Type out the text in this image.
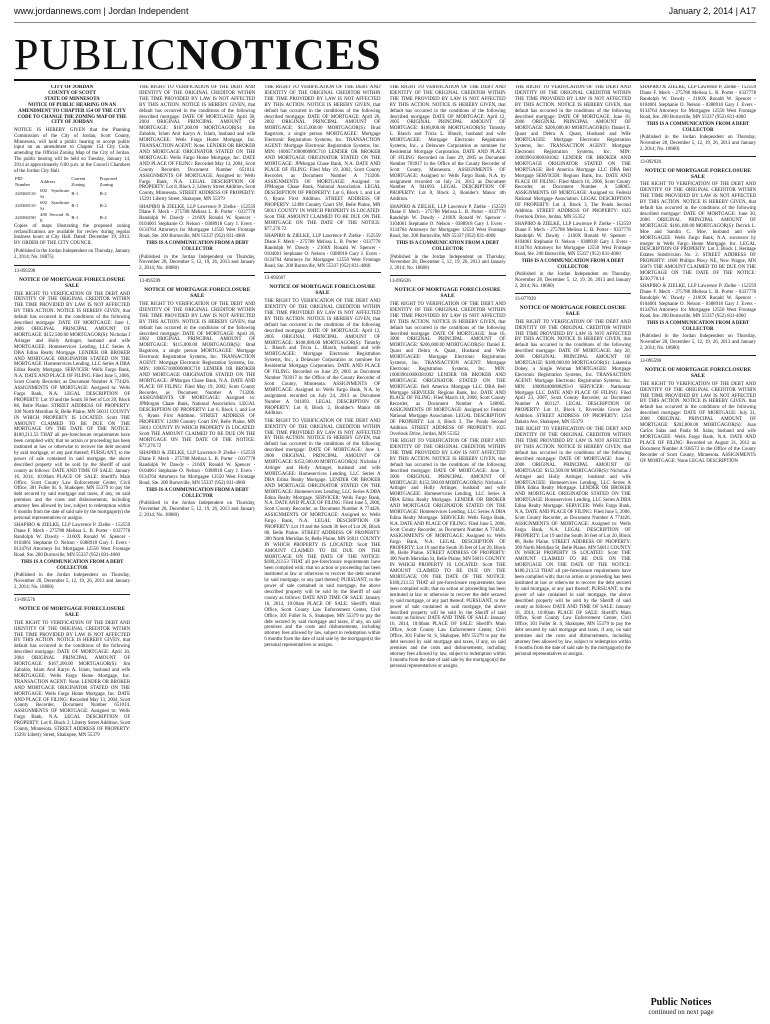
www.jordannews.com | Jordan Independent	January 2, 2014 | A17
PUBLICNOTICES
CITY OF JORDAN
COUNTY OF SCOTT
STATE OF MINNESOTA

NOTICE OF PUBLIC HEARING ON AN AMENDMENT TO CHAPTER 154 OF THE CITY CODE TO CHANGE THE ZONING MAP OF THE CITY OF JORDAN

NOTICE IS HEREBY GIVEN that the Planning Commission of the City of Jordan, Scott County, Minnesota, will hold a public hearing to accept public input on an amendment to Chapter 154 City Code, amending the Official Zoning Map of the City of Jordan. The public hearing will be held on Tuesday, January 14, 2014 at approximately 6:00 p.m. in the Council Chambers of the Jordan City Hall.

PID Number	Address	Current Zoning	Proposed Zoning
220360110	602 Syndicate St	R-1	R-2
220360110	602 Syndicate St	R-1	R-2
220360190	400 Second St E	R-1	R-2

Copies of maps illustrating the proposed zoning reclassifications are available for review during regular business hours at City Hall. Dated: December 19, 2013. BY ORDER OF THE CITY COUNCIL

(Published in the Jordan Independent on Thursday, January 2, 2014; No. 18875)

13-095598

NOTICE OF MORTGAGE FORECLOSURE SALE

THE RIGHT TO VERIFICATION OF THE DEBT AND IDENTITY OF THE ORIGINAL CREDITOR WITHIN THE TIME PROVIDED BY LAW IS NOT AFFECTED BY THIS ACTION. NOTICE IS HEREBY GIVEN, that default has occurred in the conditions of the following described mortgage: DATE OF MORTGAGE: June 1, 2006 ORIGINAL PRINCIPAL AMOUNT OF MORTGAGE: $152,500.00 MORTGAGOR(S): Nicholas J Artinger and Holly Artinger, husband and wife MORTGAGEE: Homeservices Lending, LLC Series A DBA Edina Realty Mortgage. LENDER OR BROKER AND MORTGAGE ORIGINATOR STATED ON THE MORTGAGE: Homeservices Lending, LLC Series A DBA Edina Realty Mortgage. SERVICER: Wells Fargo Bank, N.A. DATE AND PLACE OF FILING: Filed June 5, 2006, Scott County Recorder, as Document Number A 774426. ASSIGNMENTS OF MORTGAGE: Assigned to: Wells Fargo Bank, N.A. LEGAL DESCRIPTION OF PROPERTY: Lot 19 and the South 36 feet of Lot 20, Block 88, Belle Plaine. STREET ADDRESS OF PROPERTY: 300 North Meridian St, Belle Plaine, MN 56011 COUNTY IN WHICH PROPERTY IS LOCATED: Scott THE AMOUNT CLAIMED TO BE DUE ON THE MORTGAGE ON THE DATE OF THE NOTICE: $180,213.53 THAT all pre-foreclosure requirements have been complied with; that no action or proceeding has been instituted at law or otherwise to recover the debt secured by said mortgage, or any part thereof; PURSUANT, to the power of sale contained in said mortgage, the above described property will be sold by the Sheriff of said county as follows: DATE AND TIME OF SALE: January 16, 2014, 10:00am PLACE OF SALE: Sheriff's Main Office, Scott County Law Enforcement Center, Civil Office, 301 Fuller St. S, Shakopee, MN 55379 to pay the debt secured by said mortgage and taxes, if any, on said premises and the costs and disbursements, including attorney fees allowed by law, subject to redemption within 6 months from the date of said sale by the mortgagor(s) the personal representatives or assigns.

SHAPIRO & ZIELKE, LLP Lawrence P. Zielke - 152559 Diane F. Mech - 275788 Melissa L. B. Porter - 0337778 Randolph W. Dawdy - 2160X Ronald W. Spencer - 0104061 Stephanie O. Nelson - 0388918 Gary J. Evers - 0134764 Attorneys for Mortgagee 12550 West Frontage Road, Ste. 200 Burnsville, MN 55337 (952) 831-4060

THIS IS A COMMUNICATION FROM A DEBT COLLECTOR

(Published in the Jordan Independent on Thursday, November 28, December 5, 12, 19, 26, 2013 and January 2, 2014; No. 18680)

13-095576

NOTICE OF MORTGAGE FORECLOSURE SALE

THE RIGHT TO VERIFICATION OF THE DEBT AND IDENTITY OF THE ORIGINAL CREDITOR WITHIN THE TIME PROVIDED BY LAW IS NOT AFFECTED BY THIS ACTION. NOTICE IS HEREBY GIVEN, that default has occurred in the conditions of the following described mortgage: DATE OF MORTGAGE: April 30, 2004 ORIGINAL PRINCIPAL AMOUNT OF MORTGAGE: $167,200.00 MORTGAGOR(S): Jim Zabaldo, Islam And Karyn A. Islam, husband and wife MORTGAGEE: Wells Fargo Home Mortgage, Inc. TRANSACTION AGENT: None. LENDER OR BROKER AND MORTGAGE ORIGINATOR STATED ON THE MORTGAGE: Wells Fargo Home Mortgage, Inc. DATE AND PLACE OF FILING: Recorded May 13, 2004, Scott County Recorder, Document Number 651014. ASSIGNMENTS OF MORTGAGE: Assigned to: Wells Fargo Bank, N.A. LEGAL DESCRIPTION OF PROPERTY: Lot 8, Block 2, Liberty Street Addition, Scott County, Minnesota. STREET ADDRESS OF PROPERTY: 15291 Liberty Street, Shakopee, MN 55379

THE RIGHT TO VERIFICATION OF THE DEBT AND IDENTITY OF THE ORIGINAL CREDITOR WITHIN THE TIME PROVIDED BY LAW IS NOT AFFECTED BY THIS ACTION. NOTICE IS HEREBY GIVEN, that default has occurred in the conditions of the following described mortgage: DATE OF MORTGAGE: April 30, 2004 ORIGINAL PRINCIPAL AMOUNT OF MORTGAGE: $167,200.00 MORTGAGOR(S): Jim Zabaldo, Islam And Karyn A. Islam, husband and wife MORTGAGEE: Wells Fargo Home Mortgage, Inc. TRANSACTION AGENT: None. LENDER OR BROKER AND MORTGAGE ORIGINATOR STATED ON THE MORTGAGE: Wells Fargo Home Mortgage, Inc. DATE AND PLACE OF FILING: Recorded May 13, 2004, Scott County Recorder, Document Number 651014. ASSIGNMENTS OF MORTGAGE: Assigned to: Wells Fargo Bank, N.A. LEGAL DESCRIPTION OF PROPERTY: Lot 8, Block 2, Liberty Street Addition, Scott County, Minnesota. STREET ADDRESS OF PROPERTY: 15291 Liberty Street, Shakopee, MN 55379

SHAPIRO & ZIELKE, LLP Lawrence P. Zielke - 152559 Diane F. Mech - 275788 Melissa L. B. Porter - 0337778 Randolph W. Dawdy - 2160X Ronald W. Spencer - 0104061 Stephanie O. Nelson - 0388918 Gary J. Evers - 0134764 Attorneys for Mortgagee 12550 West Frontage Road, Ste. 200 Burnsville, MN 55337 (952) 831-4060

THIS IS A COMMUNICATION FROM A DEBT COLLECTOR

(Published in the Jordan Independent on Thursday, November 28, December 5, 12, 19, 26, 2013 and January 2, 2014; No. 18680)

13-095599

NOTICE OF MORTGAGE FORECLOSURE SALE

THE RIGHT TO VERIFICATION OF THE DEBT AND IDENTITY OF THE ORIGINAL CREDITOR WITHIN THE TIME PROVIDED BY LAW IS NOT AFFECTED BY THIS ACTION. NOTICE IS HEREBY GIVEN, that default has occurred in the conditions of the following described mortgage: DATE OF MORTGAGE: April 26, 2002 ORIGINAL PRINCIPAL AMOUNT OF MORTGAGE: $115,000.00 MORTGAGOR(S): Brad Bagstrom, a single person MORTGAGEE: Mortgage Electronic Registration Systems, Inc. TRANSACTION AGENT: Mortgage Electronic Registration Systems, Inc. MIN: 100057100000080C710 LENDER OR BROKER AND MORTGAGE ORIGINATOR STATED ON THE MORTGAGE: JPMorgan Chase Bank, N.A. DATE AND PLACE OF FILING: Filed May 19, 2002, Scott County Recorder, as Document Number A 713206. ASSIGNMENTS OF MORTGAGE: Assigned to: JPMorgan Chase Bank, National Association. LEGAL DESCRIPTION OF PROPERTY: Lot 6, Block 1, and Lot 6, Ryans First Addition. STREET ADDRESS OF PROPERTY: 12498 Country Court SW, Belle Plaine, MN 56011 COUNTY IN WHICH PROPERTY IS LOCATED: Scott THE AMOUNT CLAIMED TO BE DUE ON THE MORTGAGE ON THE DATE OF THE NOTICE: $77,276.72

SHAPIRO & ZIELKE, LLP Lawrence P. Zielke - 152559 Diane F. Mech - 275788 Melissa L. B. Porter - 0337778 Randolph W. Dawdy - 2160X Ronald W. Spencer - 0104061 Stephanie O. Nelson - 0388918 Gary J. Evers - 0134764 Attorneys for Mortgagee 12550 West Frontage Road, Ste. 200 Burnsville, MN 55337 (952) 831-4060

THIS IS A COMMUNICATION FROM A DEBT COLLECTOR

(Published in the Jordan Independent on Thursday, November 28, December 5, 12, 19, 26, 2013 and January 2, 2014; No. 18680)

THE RIGHT TO VERIFICATION OF THE DEBT AND IDENTITY OF THE ORIGINAL CREDITOR WITHIN THE TIME PROVIDED BY LAW IS NOT AFFECTED BY THIS ACTION. NOTICE IS HEREBY GIVEN, that default has occurred in the conditions of the following described mortgage: DATE OF MORTGAGE: April 26, 2002 ORIGINAL PRINCIPAL AMOUNT OF MORTGAGE: $115,000.00 MORTGAGOR(S): Brad Bagstrom, a single person MORTGAGEE: Mortgage Electronic Registration Systems, Inc. TRANSACTION AGENT: Mortgage Electronic Registration Systems, Inc. MIN: 100057100000080C710 LENDER OR BROKER AND MORTGAGE ORIGINATOR STATED ON THE MORTGAGE: JPMorgan Chase Bank, N.A. DATE AND PLACE OF FILING: Filed May 19, 2002, Scott County Recorder, as Document Number A 713206. ASSIGNMENTS OF MORTGAGE: Assigned to: JPMorgan Chase Bank, National Association. LEGAL DESCRIPTION OF PROPERTY: Lot 6, Block 1, and Lot 6, Ryans First Addition. STREET ADDRESS OF PROPERTY: 12498 Country Court SW, Belle Plaine, MN 56011 COUNTY IN WHICH PROPERTY IS LOCATED: Scott THE AMOUNT CLAIMED TO BE DUE ON THE MORTGAGE ON THE DATE OF THE NOTICE: $77,276.72

SHAPIRO & ZIELKE, LLP Lawrence P. Zielke - 152559 Diane F. Mech - 275788 Melissa L. B. Porter - 0337778 Randolph W. Dawdy - 2160X Ronald W. Spencer - 0104061 Stephanie O. Nelson - 0388918 Gary J. Evers - 0134764 Attorneys for Mortgagee 12550 West Frontage Road, Ste. 200 Burnsville, MN 55337 (952) 831-4060

13-095607

NOTICE OF MORTGAGE FORECLOSURE SALE

THE RIGHT TO VERIFICATION OF THE DEBT AND IDENTITY OF THE ORIGINAL CREDITOR WITHIN THE TIME PROVIDED BY LAW IS NOT AFFECTED BY THIS ACTION. NOTICE IS HEREBY GIVEN, that default has occurred in the conditions of the following described mortgage: DATE OF MORTGAGE: April 12, 2005 ORIGINAL PRINCIPAL AMOUNT OF MORTGAGE: $108,000.00 MORTGAGOR(S): Timothy L. Blasch and Tricia L. Blasch, husband and wife MORTGAGEE: Mortgage Electronic Registration Systems, Inc., a Delaware Corporation as nominee for Residential Mortgage Corporation. DATE AND PLACE OF FILING: Recorded on June 29, 2005 as Document Number 703917 in the Office of the County Recorder of Scott County, Minnesota. ASSIGNMENTS OF MORTGAGE: Assigned to: Wells Fargo Bank, N.A. by assignment recorded on July 24, 2013 as Document Number A 941093. LEGAL DESCRIPTION OF PROPERTY: Lot 8, Block 2, Boulder's Manor 4th Addition.

THE RIGHT TO VERIFICATION OF THE DEBT AND IDENTITY OF THE ORIGINAL CREDITOR WITHIN THE TIME PROVIDED BY LAW IS NOT AFFECTED BY THIS ACTION. NOTICE IS HEREBY GIVEN, that default has occurred in the conditions of the following described mortgage: DATE OF MORTGAGE: June 1, 2006 ORIGINAL PRINCIPAL AMOUNT OF MORTGAGE: $152,500.00 MORTGAGOR(S): Nicholas J Artinger and Holly Artinger, husband and wife MORTGAGEE: Homeservices Lending, LLC Series A DBA Edina Realty Mortgage. LENDER OR BROKER AND MORTGAGE ORIGINATOR STATED ON THE MORTGAGE: Homeservices Lending, LLC Series A DBA Edina Realty Mortgage. SERVICER: Wells Fargo Bank, N.A. DATE AND PLACE OF FILING: Filed June 5, 2006, Scott County Recorder, as Document Number A 774426. ASSIGNMENTS OF MORTGAGE: Assigned to: Wells Fargo Bank, N.A. LEGAL DESCRIPTION OF PROPERTY: Lot 19 and the South 36 feet of Lot 20, Block 88, Belle Plaine. STREET ADDRESS OF PROPERTY: 300 North Meridian St, Belle Plaine, MN 56011 COUNTY IN WHICH PROPERTY IS LOCATED: Scott THE AMOUNT CLAIMED TO BE DUE ON THE MORTGAGE ON THE DATE OF THE NOTICE: $180,213.53 THAT all pre-foreclosure requirements have been complied with; that no action or proceeding has been instituted at law or otherwise to recover the debt secured by said mortgage, or any part thereof; PURSUANT, to the power of sale contained in said mortgage, the above described property will be sold by the Sheriff of said county as follows: DATE AND TIME OF SALE: January 16, 2014, 10:00am PLACE OF SALE: Sheriff's Main Office, Scott County Law Enforcement Center, Civil Office, 301 Fuller St. S, Shakopee, MN 55379 to pay the debt secured by said mortgage and taxes, if any, on said premises and the costs and disbursements, including attorney fees allowed by law, subject to redemption within 6 months from the date of said sale by the mortgagor(s) the personal representatives or assigns.

THE RIGHT TO VERIFICATION OF THE DEBT AND IDENTITY OF THE ORIGINAL CREDITOR WITHIN THE TIME PROVIDED BY LAW IS NOT AFFECTED BY THIS ACTION. NOTICE IS HEREBY GIVEN, that default has occurred in the conditions of the following described mortgage: DATE OF MORTGAGE: April 12, 2005 ORIGINAL PRINCIPAL AMOUNT OF MORTGAGE: $108,000.00 MORTGAGOR(S): Timothy L. Blasch and Tricia L. Blasch, husband and wife MORTGAGEE: Mortgage Electronic Registration Systems, Inc., a Delaware Corporation as nominee for Residential Mortgage Corporation. DATE AND PLACE OF FILING: Recorded on June 29, 2005 as Document Number 703917 in the Office of the County Recorder of Scott County, Minnesota. ASSIGNMENTS OF MORTGAGE: Assigned to: Wells Fargo Bank, N.A. by assignment recorded on July 24, 2013 as Document Number A 941093. LEGAL DESCRIPTION OF PROPERTY: Lot 8, Block 2, Boulder's Manor 4th Addition.

SHAPIRO & ZIELKE, LLP Lawrence P. Zielke - 152559 Diane F. Mech - 275788 Melissa L. B. Porter - 0337778 Randolph W. Dawdy - 2160X Ronald W. Spencer - 0104061 Stephanie O. Nelson - 0388918 Gary J. Evers - 0134764 Attorneys for Mortgagee 12550 West Frontage Road, Ste. 200 Burnsville, MN 55337 (952) 831-4060

THIS IS A COMMUNICATION FROM A DEBT COLLECTOR

(Published in the Jordan Independent on Thursday, November 28, December 5, 12, 19, 26, 2013 and January 2, 2014; No. 18680)

13-095626

NOTICE OF MORTGAGE FORECLOSURE SALE

THE RIGHT TO VERIFICATION OF THE DEBT AND IDENTITY OF THE ORIGINAL CREDITOR WITHIN THE TIME PROVIDED BY LAW IS NOT AFFECTED BY THIS ACTION. NOTICE IS HEREBY GIVEN, that default has occurred in the conditions of the following described mortgage: DATE OF MORTGAGE: June 16, 2006 ORIGINAL PRINCIPAL AMOUNT OF MORTGAGE: $206,000.00 MORTGAGOR(S): Daniel E. Quast and Debra A. Quast, Husband and Wife MORTGAGEE: Mortgage Electronic Registration Systems, Inc. TRANSACTION AGENT: Mortgage Electronic Registration Systems, Inc. MIN: 100039610000381002 LENDER OR BROKER AND MORTGAGE ORIGINATOR STATED ON THE MORTGAGE: Bell America Mortgage LLC DBA Bell Mortgage SERVICER: Regions Bank, Inc. DATE AND PLACE OF FILING: Filed March 16, 2006, Scott County Recorder, as Document Number A 548005. ASSIGNMENTS OF MORTGAGE: Assigned to: Federal National Mortgage Association. LEGAL DESCRIPTION OF PROPERTY: Lot 4, Block 3, The Ponds Second Addition. STREET ADDRESS OF PROPERTY: 1025 Overlook Drive, Jordan, MN 55352

THE RIGHT TO VERIFICATION OF THE DEBT AND IDENTITY OF THE ORIGINAL CREDITOR WITHIN THE TIME PROVIDED BY LAW IS NOT AFFECTED BY THIS ACTION. NOTICE IS HEREBY GIVEN, that default has occurred in the conditions of the following described mortgage: DATE OF MORTGAGE: June 1, 2006 ORIGINAL PRINCIPAL AMOUNT OF MORTGAGE: $152,500.00 MORTGAGOR(S): Nicholas J Artinger and Holly Artinger, husband and wife MORTGAGEE: Homeservices Lending, LLC Series A DBA Edina Realty Mortgage. LENDER OR BROKER AND MORTGAGE ORIGINATOR STATED ON THE MORTGAGE: Homeservices Lending, LLC Series A DBA Edina Realty Mortgage. SERVICER: Wells Fargo Bank, N.A. DATE AND PLACE OF FILING: Filed June 5, 2006, Scott County Recorder, as Document Number A 774426. ASSIGNMENTS OF MORTGAGE: Assigned to: Wells Fargo Bank, N.A. LEGAL DESCRIPTION OF PROPERTY: Lot 19 and the South 36 feet of Lot 20, Block 88, Belle Plaine. STREET ADDRESS OF PROPERTY: 300 North Meridian St, Belle Plaine, MN 56011 COUNTY IN WHICH PROPERTY IS LOCATED: Scott THE AMOUNT CLAIMED TO BE DUE ON THE MORTGAGE ON THE DATE OF THE NOTICE: $180,213.53 THAT all pre-foreclosure requirements have been complied with; that no action or proceeding has been instituted at law or otherwise to recover the debt secured by said mortgage, or any part thereof; PURSUANT, to the power of sale contained in said mortgage, the above described property will be sold by the Sheriff of said county as follows: DATE AND TIME OF SALE: January 16, 2014, 10:00am PLACE OF SALE: Sheriff's Main Office, Scott County Law Enforcement Center, Civil Office, 301 Fuller St. S, Shakopee, MN 55379 to pay the debt secured by said mortgage and taxes, if any, on said premises and the costs and disbursements, including attorney fees allowed by law, subject to redemption within 6 months from the date of said sale by the mortgagor(s) the personal representatives or assigns.

THE RIGHT TO VERIFICATION OF THE DEBT AND IDENTITY OF THE ORIGINAL CREDITOR WITHIN THE TIME PROVIDED BY LAW IS NOT AFFECTED BY THIS ACTION. NOTICE IS HEREBY GIVEN, that default has occurred in the conditions of the following described mortgage: DATE OF MORTGAGE: June 16, 2006 ORIGINAL PRINCIPAL AMOUNT OF MORTGAGE: $206,000.00 MORTGAGOR(S): Daniel E. Quast and Debra A. Quast, Husband and Wife MORTGAGEE: Mortgage Electronic Registration Systems, Inc. TRANSACTION AGENT: Mortgage Electronic Registration Systems, Inc. MIN: 100039610000381002 LENDER OR BROKER AND MORTGAGE ORIGINATOR STATED ON THE MORTGAGE: Bell America Mortgage LLC DBA Bell Mortgage SERVICER: Regions Bank, Inc. DATE AND PLACE OF FILING: Filed March 16, 2006, Scott County Recorder, as Document Number A 548005. ASSIGNMENTS OF MORTGAGE: Assigned to: Federal National Mortgage Association. LEGAL DESCRIPTION OF PROPERTY: Lot 4, Block 3, The Ponds Second Addition. STREET ADDRESS OF PROPERTY: 1025 Overlook Drive, Jordan, MN 55352

SHAPIRO & ZIELKE, LLP Lawrence P. Zielke - 152559 Diane F. Mech - 275788 Melissa L. B. Porter - 0337778 Randolph W. Dawdy - 2160X Ronald W. Spencer - 0104061 Stephanie O. Nelson - 0388918 Gary J. Evers - 0134764 Attorneys for Mortgagee 12550 West Frontage Road, Ste. 200 Burnsville, MN 55337 (952) 831-4060

THIS IS A COMMUNICATION FROM A DEBT COLLECTOR

(Published in the Jordan Independent on Thursday, November 28, December 5, 12, 19, 26, 2013 and January 2, 2014; No. 18680)

13-077029

NOTICE OF MORTGAGE FORECLOSURE SALE

THE RIGHT TO VERIFICATION OF THE DEBT AND IDENTITY OF THE ORIGINAL CREDITOR WITHIN THE TIME PROVIDED BY LAW IS NOT AFFECTED BY THIS ACTION. NOTICE IS HEREBY GIVEN, that default has occurred in the conditions of the following described mortgage: DATE OF MORTGAGE: July 20, 2006 ORIGINAL PRINCIPAL AMOUNT OF MORTGAGE: $189,000.00 MORTGAGOR(S): Lakeesha Dobey, a Single Woman MORTGAGEE: Mortgage Electronic Registration Systems, Inc. TRANSACTION AGENT: Mortgage Electronic Registration Systems, Inc. MIN: 100094400008293-0 SERVICER: Nationstar Mortgage LLC DATE AND PLACE OF FILING: Filed April 23, 2007, Scott County Recorder, as Document Number A 803127. LEGAL DESCRIPTION OF PROPERTY: Lot 11, Block 1, Riverside Grove 2nd Addition. STREET ADDRESS OF PROPERTY: 1254 Dakota Ave, Shakopee, MN 55379

THE RIGHT TO VERIFICATION OF THE DEBT AND IDENTITY OF THE ORIGINAL CREDITOR WITHIN THE TIME PROVIDED BY LAW IS NOT AFFECTED BY THIS ACTION. NOTICE IS HEREBY GIVEN, that default has occurred in the conditions of the following described mortgage: DATE OF MORTGAGE: June 1, 2006 ORIGINAL PRINCIPAL AMOUNT OF MORTGAGE: $152,500.00 MORTGAGOR(S): Nicholas J Artinger and Holly Artinger, husband and wife MORTGAGEE: Homeservices Lending, LLC Series A DBA Edina Realty Mortgage. LENDER OR BROKER AND MORTGAGE ORIGINATOR STATED ON THE MORTGAGE: Homeservices Lending, LLC Series A DBA Edina Realty Mortgage. SERVICER: Wells Fargo Bank, N.A. DATE AND PLACE OF FILING: Filed June 5, 2006, Scott County Recorder, as Document Number A 774426. ASSIGNMENTS OF MORTGAGE: Assigned to: Wells Fargo Bank, N.A. LEGAL DESCRIPTION OF PROPERTY: Lot 19 and the South 36 feet of Lot 20, Block 88, Belle Plaine. STREET ADDRESS OF PROPERTY: 300 North Meridian St, Belle Plaine, MN 56011 COUNTY IN WHICH PROPERTY IS LOCATED: Scott THE AMOUNT CLAIMED TO BE DUE ON THE MORTGAGE ON THE DATE OF THE NOTICE: $180,213.53 THAT all pre-foreclosure requirements have been complied with; that no action or proceeding has been instituted at law or otherwise to recover the debt secured by said mortgage, or any part thereof; PURSUANT, to the power of sale contained in said mortgage, the above described property will be sold by the Sheriff of said county as follows: DATE AND TIME OF SALE: January 16, 2014, 10:00am PLACE OF SALE: Sheriff's Main Office, Scott County Law Enforcement Center, Civil Office, 301 Fuller St. S, Shakopee, MN 55379 to pay the debt secured by said mortgage and taxes, if any, on said premises and the costs and disbursements, including attorney fees allowed by law, subject to redemption within 6 months from the date of said sale by the mortgagor(s) the personal representatives or assigns.

SHAPIRO & ZIELKE, LLP Lawrence P. Zielke - 152559 Diane F. Mech - 275788 Melissa L. B. Porter - 0337778 Randolph W. Dawdy - 2160X Ronald W. Spencer - 0104061 Stephanie O. Nelson - 0388918 Gary J. Evers - 0134764 Attorneys for Mortgagee 12550 West Frontage Road, Ste. 200 Burnsville, MN 55337 (952) 831-4060

THIS IS A COMMUNICATION FROM A DEBT COLLECTOR

(Published in the Jordan Independent on Thursday, November 28, December 5, 12, 19, 26, 2013 and January 2, 2014; No. 18680)

13-092926

NOTICE OF MORTGAGE FORECLOSURE SALE

THE RIGHT TO VERIFICATION OF THE DEBT AND IDENTITY OF THE ORIGINAL CREDITOR WITHIN THE TIME PROVIDED BY LAW IS NOT AFFECTED BY THIS ACTION. NOTICE IS HEREBY GIVEN, that default has occurred in the conditions of the following described mortgage: DATE OF MORTGAGE: June 30, 2006 ORIGINAL PRINCIPAL AMOUNT OF MORTGAGE: $166,180.00 MORTGAGOR(S): Derrick L. Moe and Sandra C. Moe, husband and wife MORTGAGEE: Wells Fargo Bank, N.A. successor by merger to Wells Fargo Home Mortgage, Inc. LEGAL DESCRIPTION OF PROPERTY: Lot 3, Block 1, Heritage Estates Subdivision No. 2. STREET ADDRESS OF PROPERTY: 1600 Phillips Pkwy NE, New Prague, MN 56071 THE AMOUNT CLAIMED TO BE DUE ON THE MORTGAGE ON THE DATE OF THE NOTICE: $230,770.14

SHAPIRO & ZIELKE, LLP Lawrence P. Zielke - 152559 Diane F. Mech - 275788 Melissa L. B. Porter - 0337778 Randolph W. Dawdy - 2160X Ronald W. Spencer - 0104061 Stephanie O. Nelson - 0388918 Gary J. Evers - 0134764 Attorneys for Mortgagee 12550 West Frontage Road, Ste. 200 Burnsville, MN 55337 (952) 831-4060

THIS IS A COMMUNICATION FROM A DEBT COLLECTOR

(Published in the Jordan Independent on Thursday, November 28, December 5, 12, 19, 26, 2013 and January 2, 2014; No. 18680)

13-095596

NOTICE OF MORTGAGE FORECLOSURE SALE

THE RIGHT TO VERIFICATION OF THE DEBT AND IDENTITY OF THE ORIGINAL CREDITOR WITHIN THE TIME PROVIDED BY LAW IS NOT AFFECTED BY THIS ACTION. NOTICE IS HEREBY GIVEN, that default has occurred in the conditions of the following described mortgage: DATE OF MORTGAGE: July 31, 2008 ORIGINAL PRINCIPAL AMOUNT OF MORTGAGE: $202,800.00 MORTGAGOR(S): Juan Carlos Salas and Paula M. Salas, husband and wife MORTGAGEE: Wells Fargo Bank, N.A. DATE AND PLACE OF FILING: Recorded on August 31, 2012 as Document Number A 938573 in the Office of the County Recorder of Scott County, Minnesota. ASSIGNMENTS OF MORTGAGE: None LEGAL DESCRIPTION

Public Notices
continued on next page
